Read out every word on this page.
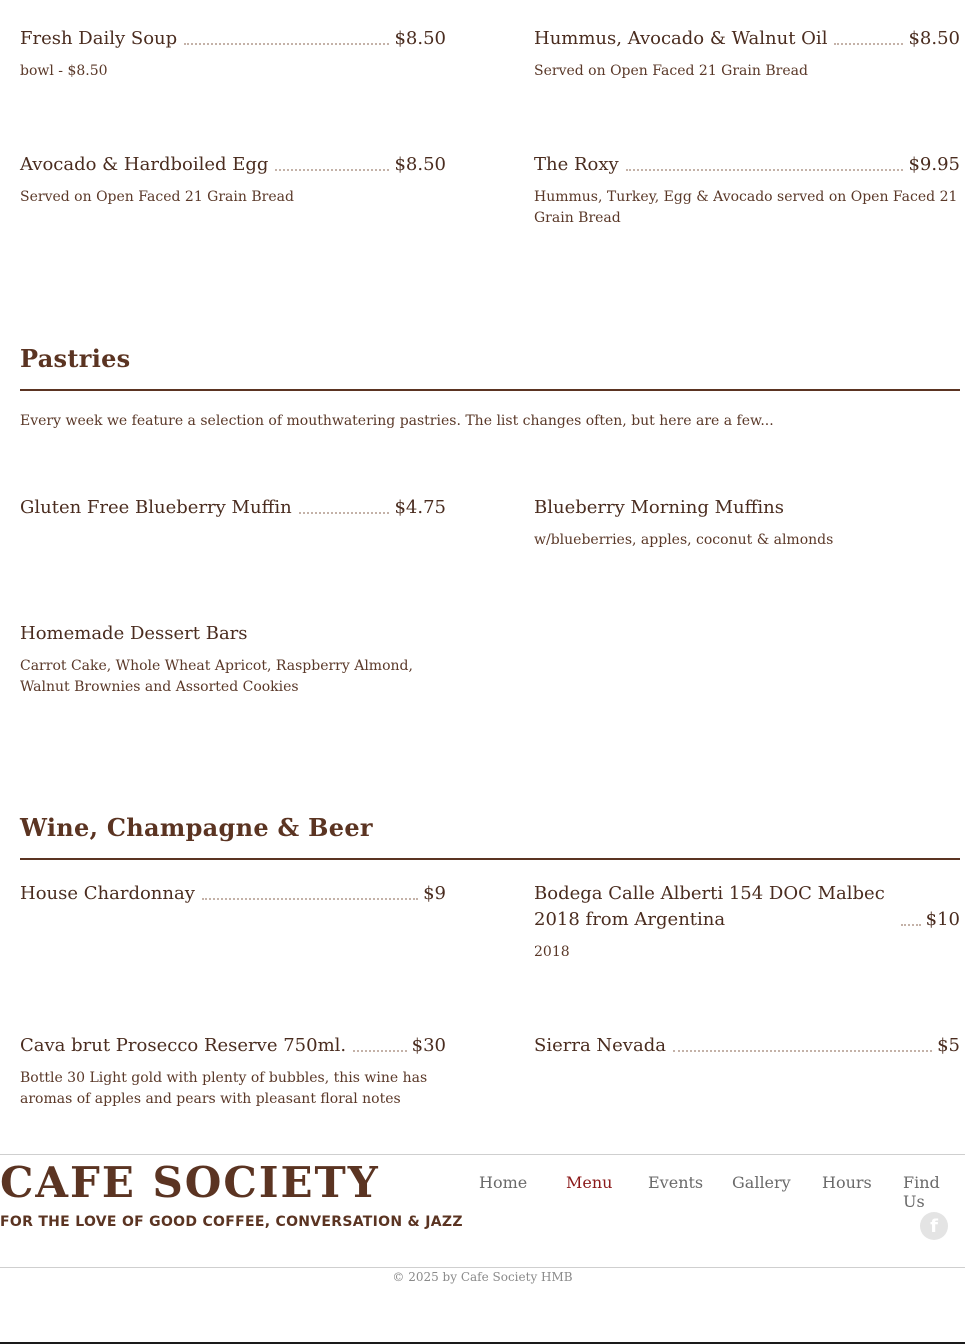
Fresh Daily Soup	$8.50
bowl - $8.50
Hummus, Avocado & Walnut Oil	$8.50
Served on Open Faced 21 Grain Bread
Avocado & Hardboiled Egg	$8.50
Served on Open Faced 21 Grain Bread
The Roxy	$9.95
Hummus, Turkey, Egg & Avocado served on Open Faced 21 Grain Bread
Pastries
Every week we feature a selection of mouthwatering pastries. The list changes often, but here are a few...
Gluten Free Blueberry Muffin	$4.75	Blueberry Morning Muffins
w/blueberries, apples, coconut & almonds
Homemade Dessert Bars
Carrot Cake, Whole Wheat Apricot, Raspberry Almond, Walnut Brownies and Assorted Cookies
Wine, Champagne & Beer
House Chardonnay	$9	Bodega Calle Alberti 154 DOC Malbec 2018 from Argentina	$10
2018
Cava brut Prosecco Reserve 750ml.	$30
Bottle 30 Light gold with plenty of bubbles, this wine has aromas of apples and pears with pleasant floral notes
Sierra Nevada	$5
CAFE SOCIETY
FOR THE LOVE OF GOOD COFFEE, CONVERSATION & JAZZ
Home Menu Events Gallery Hours Find Us
f
© 2025 by Cafe Society HMB
